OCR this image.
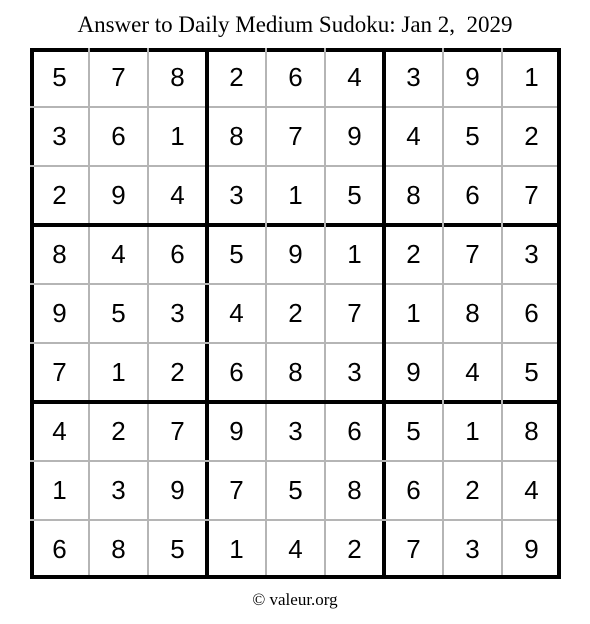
Answer to Daily Medium Sudoku: Jan 2,  2029
5	7	8	2	6	4	3	9	1
3	6	1	8	7	9	4	5	2
2	9	4	3	1	5	8	6	7
8	4	6	5	9	1	2	7	3
9	5	3	4	2	7	1	8	6
7	1	2	6	8	3	9	4	5
4	2	7	9	3	6	5	1	8
1	3	9	7	5	8	6	2	4
6	8	5	1	4	2	7	3	9
© valeur.org
